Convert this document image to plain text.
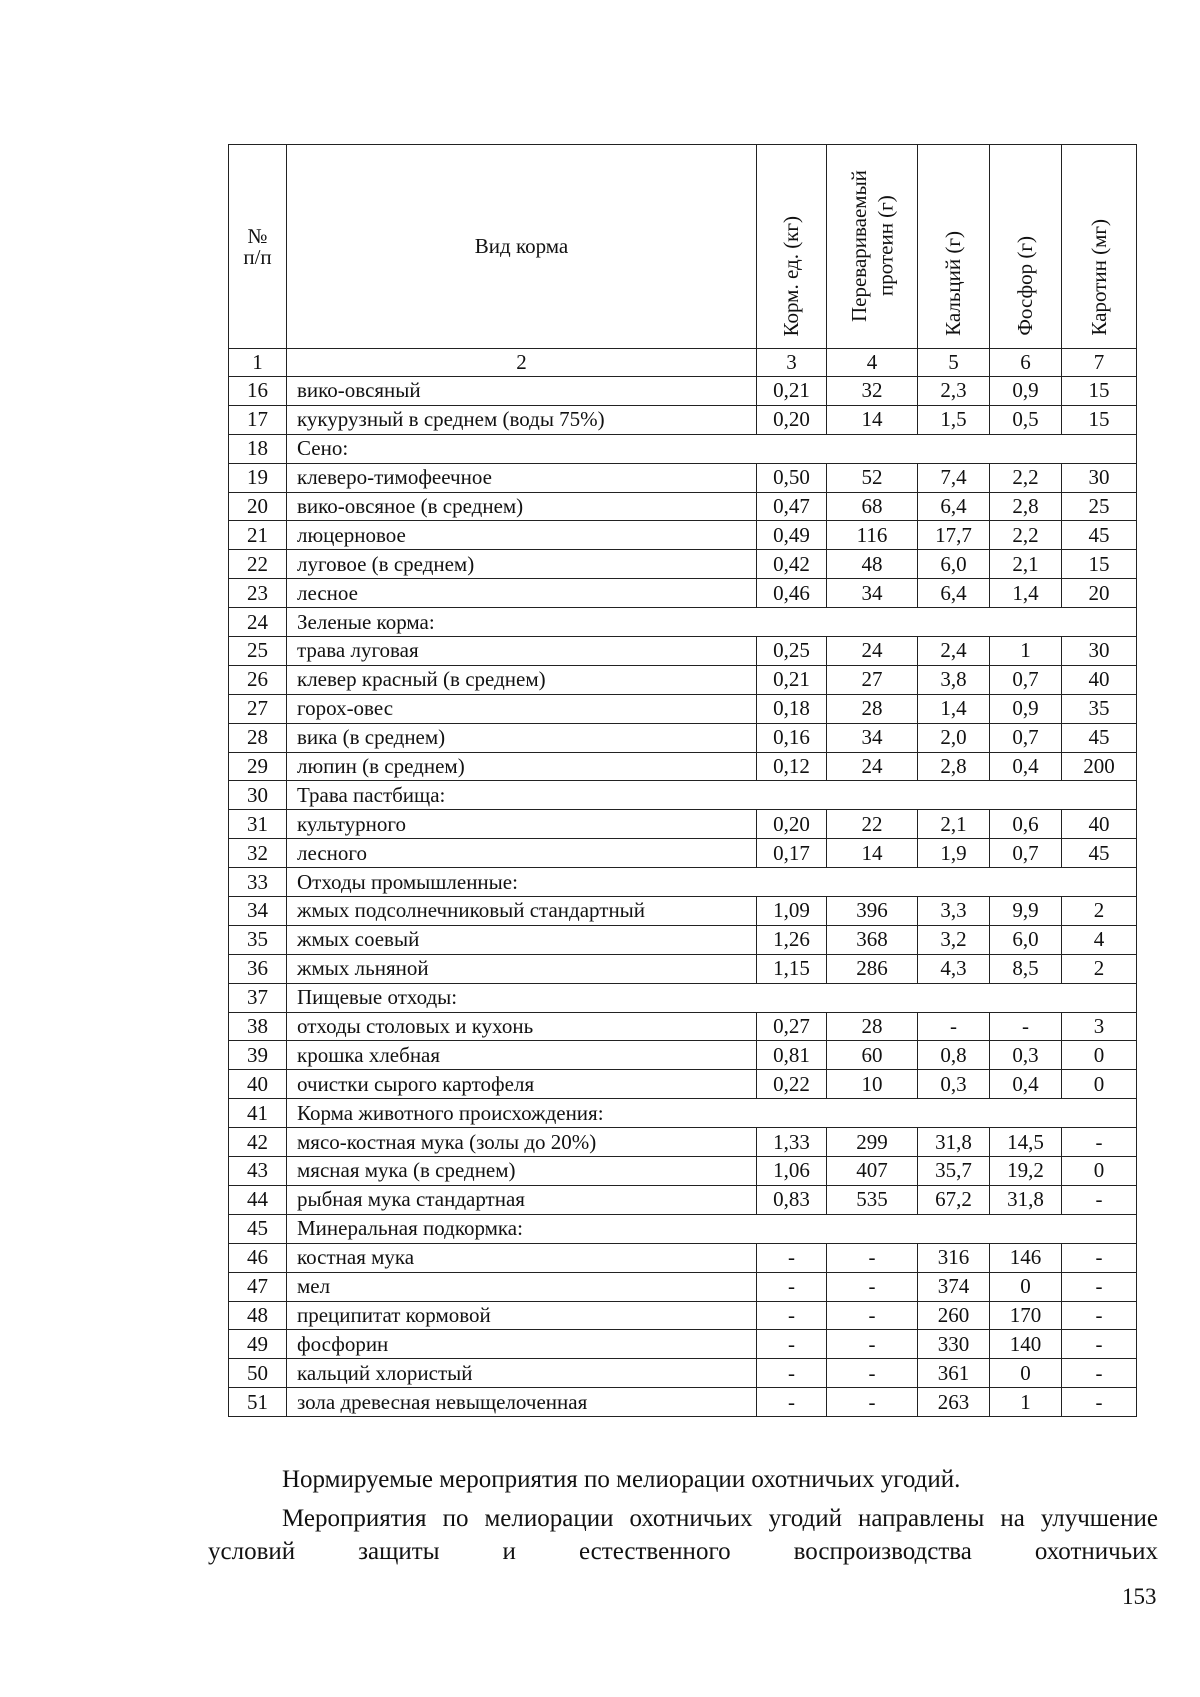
№ п/п	Вид корма	Корм. ед. (кг)	Перевариваемый протеин (г)	Кальций (г)	Фосфор (г)	Каротин (мг)
1	2	3	4	5	6	7
16	вико-овсяный	0,21	32	2,3	0,9	15
17	кукурузный в среднем (воды 75%)	0,20	14	1,5	0,5	15
18	Сено:					
19	клеверо-тимофеечное	0,50	52	7,4	2,2	30
20	вико-овсяное (в среднем)	0,47	68	6,4	2,8	25
21	люцерновое	0,49	116	17,7	2,2	45
22	луговое (в среднем)	0,42	48	6,0	2,1	15
23	лесное	0,46	34	6,4	1,4	20
24	Зеленые корма:					
25	трава луговая	0,25	24	2,4	1	30
26	клевер красный (в среднем)	0,21	27	3,8	0,7	40
27	горох-овес	0,18	28	1,4	0,9	35
28	вика (в среднем)	0,16	34	2,0	0,7	45
29	люпин (в среднем)	0,12	24	2,8	0,4	200
30	Трава пастбища:					
31	культурного	0,20	22	2,1	0,6	40
32	лесного	0,17	14	1,9	0,7	45
33	Отходы промышленные:					
34	жмых подсолнечниковый стандартный	1,09	396	3,3	9,9	2
35	жмых соевый	1,26	368	3,2	6,0	4
36	жмых льняной	1,15	286	4,3	8,5	2
37	Пищевые отходы:					
38	отходы столовых и кухонь	0,27	28	-	-	3
39	крошка хлебная	0,81	60	0,8	0,3	0
40	очистки сырого картофеля	0,22	10	0,3	0,4	0
41	Корма животного происхождения:					
42	мясо-костная мука (золы до 20%)	1,33	299	31,8	14,5	-
43	мясная мука (в среднем)	1,06	407	35,7	19,2	0
44	рыбная мука стандартная	0,83	535	67,2	31,8	-
45	Минеральная подкормка:					
46	костная мука	-	-	316	146	-
47	мел	-	-	374	0	-
48	преципитат кормовой	-	-	260	170	-
49	фосфорин	-	-	330	140	-
50	кальций хлористый	-	-	361	0	-
51	зола древесная невыщелоченная	-	-	263	1	-
Нормируемые мероприятия по мелиорации охотничьих угодий.
Мероприятия по мелиорации охотничьих угодий направлены на улучшение условий защиты и естественного воспроизводства охотничьих
153
